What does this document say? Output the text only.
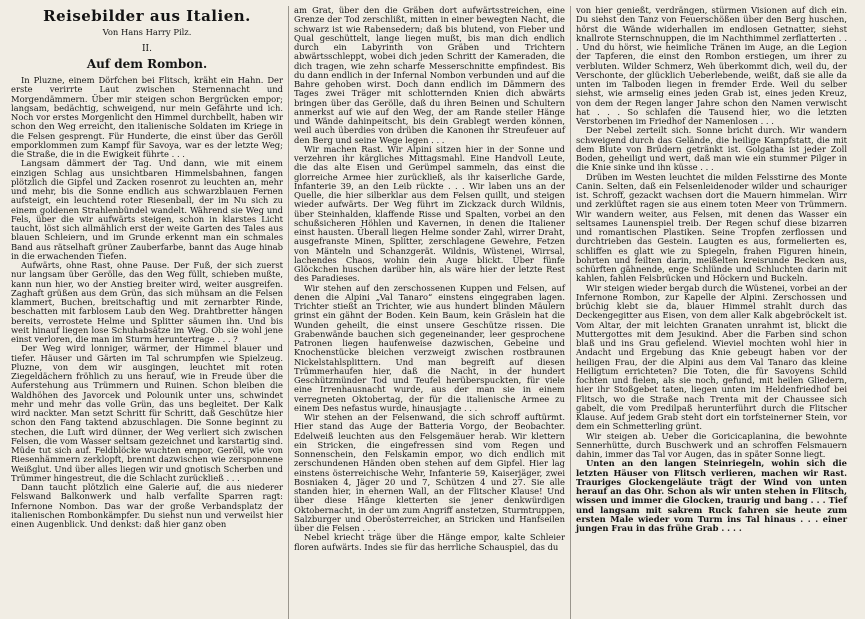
Reisebilder aus Italien.
Von Hans Harry Pilz.
II.
Auf dem Rombon.

In Pluzne, einem Dörfchen bei Flitsch, kräht ein Hahn. Der erste verirrte Laut zwischen Sternennacht und Morgendämmern. Über mir steigen schon Bergrücken empor; langsam, bedächtig, schweigend, nur mein Gefährte und ich. Noch vor erstes Morgenlicht den Himmel durchbellt, haben wir schon den Weg erreicht, den italienische Soldaten im Kriege in die Felsen gesprengt. Für Hunderte, die einst über das Geröll emporklommen zum Kampf für Savoya, war es der letzte Weg; die Straße, die in die Ewigkeit führte . . .

Langsam dämmert der Tag. Und dann, wie mit einem einzigen Schlag aus unsichtbaren Himmelsbahnen, fangen plötzlich die Gipfel und Zacken rosenrot zu leuchten an, mehr und mehr, bis die Sonne endlich aus schwarzblauen Fernen aufsteigt, ein leuchtend roter Riesenball, der im Nu sich zu einem goldenen Strahlenbündel wandelt. Während sie Weg und Fels, über die wir aufwärts steigen, schon in klarstes Licht taucht, löst sich allmählich erst der weite Garten des Tales aus blauen Schleiern, und im Grunde erkennt man ein schmales Band aus rätselhaft grüner Zauberfarbe, bannt das Auge hinab in die erwachenden Tiefen.

Aufwärts, ohne Rast, ohne Pause. Der Fuß, der sich zuerst nur langsam über Gerölle, das den Weg füllt, schieben mußte, kann nun hier, wo der Anstieg breiter wird, weiter ausgreifen. Zaghaft grüßen aus dem Grün, das sich mühsam an die Felsen klammert, Buchen, breitschaftig und mit zernarbter Rinde, beschatten mit farblosem Laub den Weg. Drahtbretter hängen bereits, verrostete Helme und Splitter säumen ihn. Und bis weit hinauf liegen lose Schuhabsätze im Weg. Ob sie wohl jene einst verloren, die man im Sturm heruntertrage . . . ?

Der Weg wird lonniger, wärmer, der Himmel blauer und tiefer. Häuser und Gärten im Tal schrumpfen wie Spielzeug. Pluzne, von dem wir ausgingen, leuchtet mit roten Ziegeldächern fröhlich zu uns herauf, wie in Freude über die Auferstehung aus Trümmern und Ruinen. Schon bleiben die Waldhöhen des Javorcek und Polounik unter uns, schwindet mehr und mehr das volle Grün, das uns begleitet. Der Kalk wird nackter. Man setzt Schritt für Schritt, daß Geschütze hier schon den Fang taktend abzuschlagen. Die Sonne beginnt zu stechen, die Luft wird dünner, der Weg verliert sich zwischen Felsen, die vom Wasser seltsam gezeichnet und karstartig sind. Müde tut sich auf. Feldblöcke wuchten empor, Geröll, wie von Riesenhämmern zerklopft, brennt dazwischen wie zersponnene Weißglut. Und über alles liegen wir und gnotisch Scherben und Trümmer hingestreut, die die Schlacht zurückließ . . .

Dann taucht plötzlich eine Galerie auf, die aus niederer Felswand Balkonwerk und halb verfallte Sparren ragt: Infernone Nombon. Das war der große Verbandsplatz der italienischen Rombonkämpfer. Du siehst nun und verweilst hier einen Augenblick. Und denkst: daß hier ganz oben

am Grat, über den die Gräben dort aufwärtsstreichen, eine Grenze der Tod zerschlißt, mitten in einer bewegten Nacht, die schwarz ist wie Rabensedern; daß bis blutend, von Fieber und Qual geschüttelt, lange liegen mußt, bis man dich endlich durch ein Labyrinth von Gräben und Trichtern abwärtsschleppt, wobei dich jeden Schritt der Kameraden, die dich tragen, wie zehn scharfe Messerschnitte empfindest. Bis du dann endlich in der Infernal Nombon verbunden und auf die Bahre gehoben wirst. Doch dann endlich im Dämmern des Tages zwei Träger mit schlotternden Knien dich abwärts bringen über das Gerölle, daß du ihren Beinen und Schultern anmerkst auf wie auf den Weg, der am Rande steiler Hänge und Wände dahinpeitscht, bis dein Grablegt werden können, weil auch überdies von drüben die Kanonen ihr Streufeuer auf den Berg und seine Wege legen . . .

Wir machen Rast. Wir Alpini sitzen hier in der Sonne und verzehren ihr kärgliches Mittagsmahl. Eine Handvoll Leute, die das alte Eisen und Gerümpel sammeln, das einst die glorreiche Armee hier zurückließ, als ihr kaiserliche Garde, Infanterie 39, an den Leib rückte . . . Wir laben uns an der Quelle, die hier silberklar aus dem Felsen quillt, und steigen wieder aufwärts. Der Weg führt im Zickzack durch Wildnis, über Steinhalden, klaffende Risse und Spalten, vorbei an den schußsicheren Höhlen und Kavernen, in denen die Italiener einst hausten. Überall liegen Helme sonder Zahl, wirrer Draht, ausgefranste Minen, Splitter, zerschlagene Gewehre, Fetzen von Mänteln und Schanzgerät. Wildnis, Wüstenei, Wirrsal, lachendes Chaos, wohin dein Auge blickt. Über fünfe Glöckchen huschen darüber hin, als wäre hier der letzte Rest des Paradieses.

Wir stehen auf den zerschossenen Kuppen und Felsen, auf denen die Alpini „Val Tanaro“ einstens eingegraben lagen. Trichter stießt an Trichter, wie aus hundert blinden Mäulern grinst ein gähnt der Boden. Kein Baum, kein Gräslein hat die Wunden geheilt, die einst unsere Geschütze rissen. Die Grabenwände bauchen sich gegeneinander, leer gesprochene Patronen liegen haufenweise dazwischen, Gebeine und Knochenstücke bleichen verzweigt zwischen rostbraunen Nickelstahlsplittern. Und man begreift auf diesen Trümmerhaufen hier, daß die Nacht, in der hundert Geschützmünder Tod und Teufel herüberspuckten, für viele eine Irrenhausnacht wurde, aus der man sie in einem verregneten Oktobertag, der für die italienische Armee zu einem Des nefastus wurde, hinausjagte . . .

Wir stehen an der Felsenwand, die sich schroff auftürmt. Hier stand das Auge der Batteria Vorgo, der Beobachter. Edelweiß leuchten aus den Felsgemäuer herab. Wir klettern ein Stricken, die eingefressen sind vom Regen und Sonnenschein, den Felskamin empor, wo dich endlich mit zerschundenen Händen oben stehen auf dem Gipfel. Hier lag einstens österreichische Wehr, Infanterie 59, Kaiserjäger, zwei Bosniaken 4, Jäger 20 und 7, Schützen 4 und 27. Sie alle standen hier, in ehernen Wall, an der Flitscher Klause! Und über diese Hänge kletterten sie jener denkwürdigen Oktobernacht, in der um zum Angriff anstetzen, Sturmtruppen, Salzburger und Oberösterreicher, an Stricken und Hanfseilen über die Felsen . . .

Nebel kriecht träge über die Hänge empor, kalte Schleier floren aufwärts. Indes sie für das herrliche Schauspiel, das du

von hier genießt, verdrängen, stürmen Visionen auf dich ein. Du siehst den Tanz von Feuerschößen über den Berg huschen, hörst die Wände widerhallen im endlosen Getnatter, siehst knallrote Sternschnuppen, die im Nachthimmel zerflatterten . . . Und du hörst, wie heimliche Tränen im Auge, an die Legion der Tapferen, die einst den Rombon erstiegen, um ihrer zu verbluten. Wilder Schmerz, Weh überkommt dich, weil du, der Verschonte, der glücklich Ueberlebende, weißt, daß sie alle da unten im Talboden liegen in fremder Erde. Weil du selber siehst, wie armselig eines jeden Grab ist, eines jeden Kreuz, von dem der Regen langer Jahre schon den Namen verwischt hat . . . So schlafen die Tausend hier, wo die letzten Verstorbenen im Friedhof der Namenlosen . . .

Der Nebel zerteilt sich. Sonne bricht durch. Wir wandern schweigend durch das Gelände, die heilige Kampfstatt, die mit dem Blute von Brüdern getränkt ist. Golgatha ist jeder Zoll Boden, geheiligt und wert, daß man wie ein stummer Pilger in die Knie sinke und ihn küsse . . .

Drüben im Westen leuchtet die milden Felsstirne des Monte Canin. Selten, daß ein Felsenleidenoder wilder und schauriger ist. Schroff, gezackt wachsen dort die Mauern himmelan. Wirr und zerklüftet ragen sie aus einem toten Meer von Trümmern. Wir wandern weiter, aus Felsen, mit denen das Wasser ein seltsames Launenspiel treib. Der Regen schuf diese bizarren und romantischen Plastiken. Seine Tropfen zerflossen und durchtrieben das Gestein. Laugten es aus, formelierten es, schliffen es glatt wie zu Spiegeln, frahen Figuren hinein, bohrten und feilten darin, meißelten kreisrunde Becken aus, schürften gähnende, enge Schlünde und Schluchten darin mit kahlen, fahlen Felsbrücken und Höckern und Buckeln.

Wir steigen wieder bergab durch die Wüstenei, vorbei an der Infernone Rombon, zur Kapelle der Alpini. Zerschossen und brüchig klebt sie da, blauer Himmel strahlt durch das Deckengegitter aus Eisen, von dem aller Kalk abgebröckelt ist. Vom Altar, der mit leichten Granaten unrahmt ist, blickt die Muttergottes mit dem Jesukind. Aber die Farben sind schon blaß und ins Grau gefielend. Wieviel mochten wohl hier in Andacht und Ergebung das Knie gebeugt haben vor der heiligen Frau, der die Alpini aus dem Val Tanaro das kleine Heiligtum errichteten? Die Toten, die für Savoyens Schild fochten und fielen, als sie noch, gefund, mit heilen Gliedern, hier ihr Stoßgebet taten, liegen unten im Heldenfriedhof bei Flitsch, wo die Straße nach Trenta mit der Chaussee sich gabelt, die vom Predilpaß herunterführt durch die Flitscher Klause. Auf jedem Grab steht dort ein torfsteinerner Stein, vor dem ein Schmetterling grünt.

Wir steigen ab. Ueber die Goricicaplanina, die bewohnte Sennerhütte, durch Buschwerk und an schroffen Felsmauern dahin, immer das Tal vor Augen, das in später Sonne liegt.

Unten an den langen Steinriegeln, wohin sich die letzten Häuser von Flitsch verlieren, machen wir Rast. Trauriges Glockengeläute trägt der Wind von unten herauf an das Ohr. Schon als wir unten stehen in Flitsch, wissen und immer die Glocken, traurig und bang . . . Tief und langsam mit sakrem Ruck fahren sie heute zum ersten Male wieder vom Turm ins Tal hinaus . . . einer jungen Frau in das frühe Grab . . . .
